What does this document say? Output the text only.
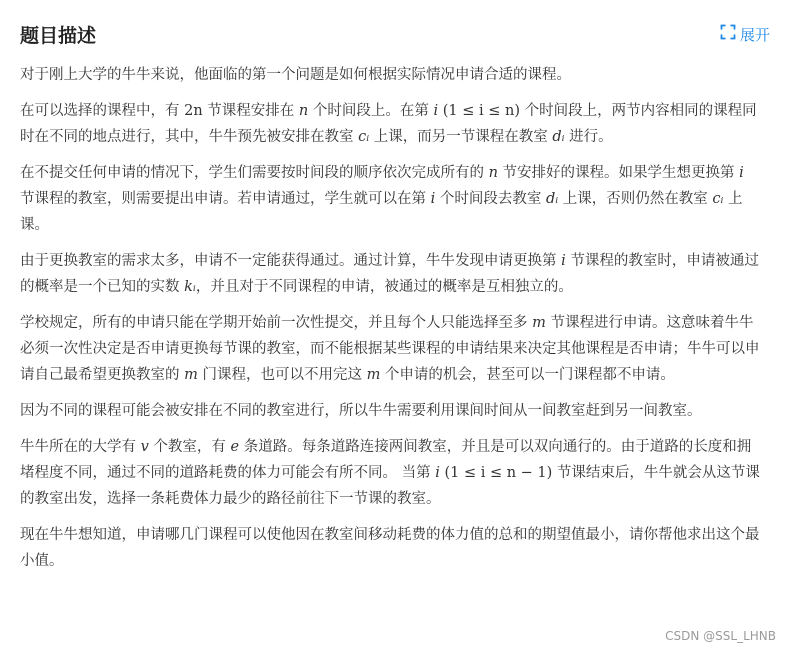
题目描述	展开

对于刚上大学的牛牛来说，他面临的第一个问题是如何根据实际情况申请合适的课程。

在可以选择的课程中，有 2n 节课程安排在 n 个时间段上。在第 i (1 ≤ i ≤ n) 个时间段上，两节内容相同的课程同时在不同的地点进行，其中，牛牛预先被安排在教室 cᵢ 上课，而另一节课程在教室 dᵢ 进行。

在不提交任何申请的情况下，学生们需要按时间段的顺序依次完成所有的 n 节安排好的课程。如果学生想更换第 i 节课程的教室，则需要提出申请。若申请通过，学生就可以在第 i 个时间段去教室 dᵢ 上课，否则仍然在教室 cᵢ 上课。

由于更换教室的需求太多，申请不一定能获得通过。通过计算，牛牛发现申请更换第 i 节课程的教室时，申请被通过的概率是一个已知的实数 kᵢ，并且对于不同课程的申请，被通过的概率是互相独立的。

学校规定，所有的申请只能在学期开始前一次性提交，并且每个人只能选择至多 m 节课程进行申请。这意味着牛牛必须一次性决定是否申请更换每节课的教室，而不能根据某些课程的申请结果来决定其他课程是否申请；牛牛可以申请自己最希望更换教室的 m 门课程，也可以不用完这 m 个申请的机会，甚至可以一门课程都不申请。

因为不同的课程可能会被安排在不同的教室进行，所以牛牛需要利用课间时间从一间教室赶到另一间教室。

牛牛所在的大学有 v 个教室，有 e 条道路。每条道路连接两间教室，并且是可以双向通行的。由于道路的长度和拥堵程度不同，通过不同的道路耗费的体力可能会有所不同。 当第 i (1 ≤ i ≤ n − 1) 节课结束后，牛牛就会从这节课的教室出发，选择一条耗费体力最少的路径前往下一节课的教室。

现在牛牛想知道，申请哪几门课程可以使他因在教室间移动耗费的体力值的总和的期望值最小，请你帮他求出这个最小值。

CSDN @SSL_LHNB
